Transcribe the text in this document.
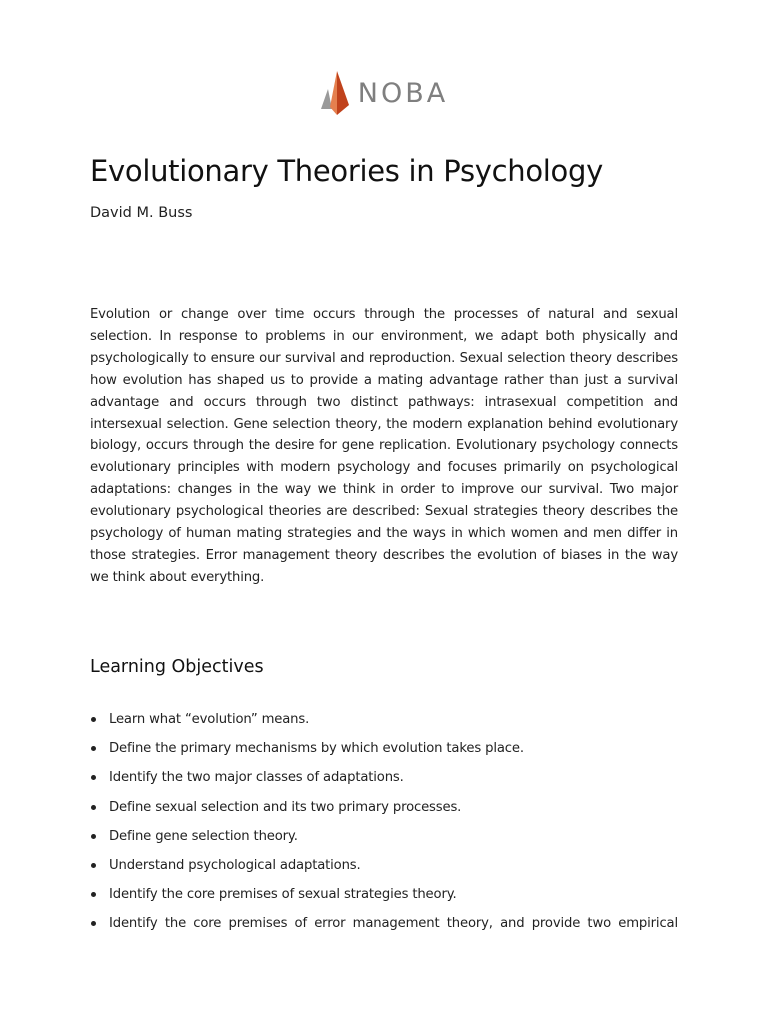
NOBA
Evolutionary Theories in Psychology
David M. Buss

Evolution or change over time occurs through the processes of natural and sexual selection. In response to problems in our environment, we adapt both physically and psychologically to ensure our survival and reproduction. Sexual selection theory describes how evolution has shaped us to provide a mating advantage rather than just a survival advantage and occurs through two distinct pathways: intrasexual competition and intersexual selection. Gene selection theory, the modern explanation behind evolutionary biology, occurs through the desire for gene replication. Evolutionary psychology connects evolutionary principles with modern psychology and focuses primarily on psychological adaptations: changes in the way we think in order to improve our survival. Two major evolutionary psychological theories are described: Sexual strategies theory describes the psychology of human mating strategies and the ways in which women and men differ in those strategies. Error management theory describes the evolution of biases in the way we think about everything.

Learning Objectives
Learn what “evolution” means.
Define the primary mechanisms by which evolution takes place.
Identify the two major classes of adaptations.
Define sexual selection and its two primary processes.
Define gene selection theory.
Understand psychological adaptations.
Identify the core premises of sexual strategies theory.
Identify the core premises of error management theory, and provide two empirical
